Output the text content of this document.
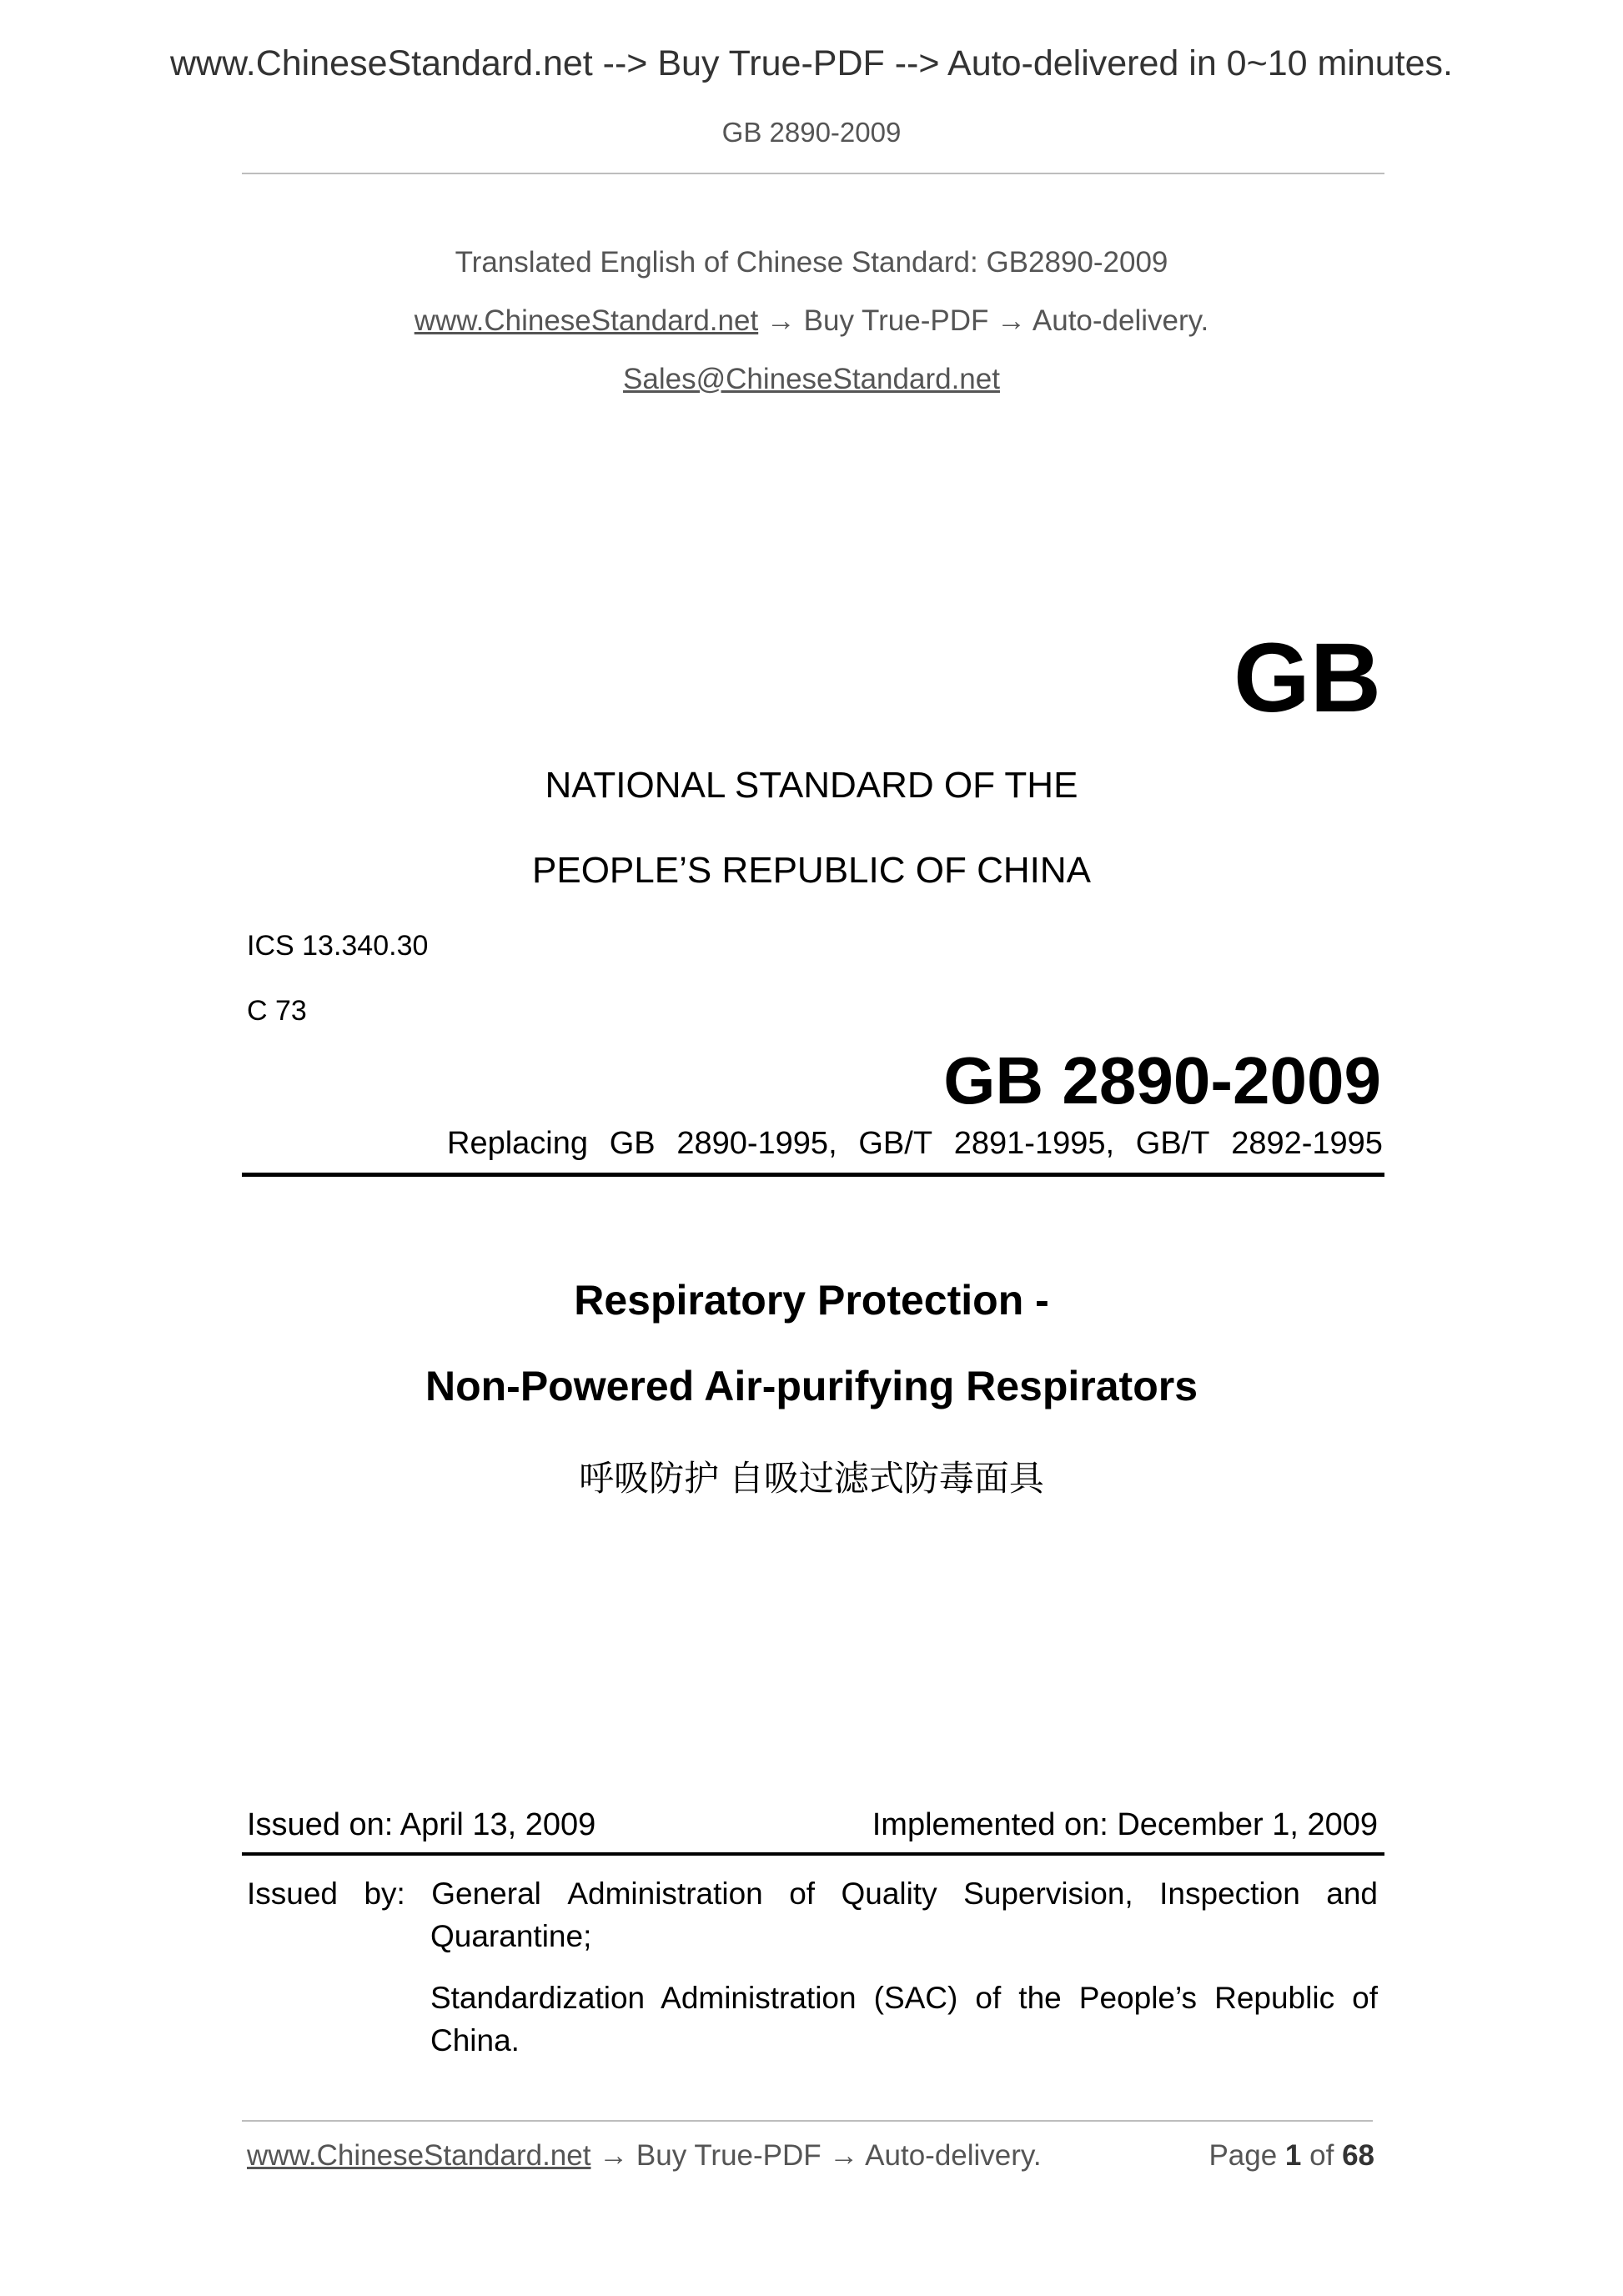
www.ChineseStandard.net --> Buy True-PDF --> Auto-delivered in 0~10 minutes.
GB 2890-2009
Translated English of Chinese Standard: GB2890-2009
www.ChineseStandard.net → Buy True-PDF → Auto-delivery.
Sales@ChineseStandard.net
GB
NATIONAL STANDARD OF THE
PEOPLE’S REPUBLIC OF CHINA
ICS 13.340.30
C 73
GB 2890-2009
Replacing GB 2890-1995, GB/T 2891-1995, GB/T 2892-1995
Respiratory Protection -
Non-Powered Air-purifying Respirators
呼吸防护 自吸过滤式防毒面具
Issued on: April 13, 2009	Implemented on: December 1, 2009
Issued by: General Administration of Quality Supervision, Inspection and
Quarantine;
Standardization Administration (SAC) of the People’s Republic of
China.
www.ChineseStandard.net → Buy True-PDF → Auto-delivery.	Page 1 of 68
